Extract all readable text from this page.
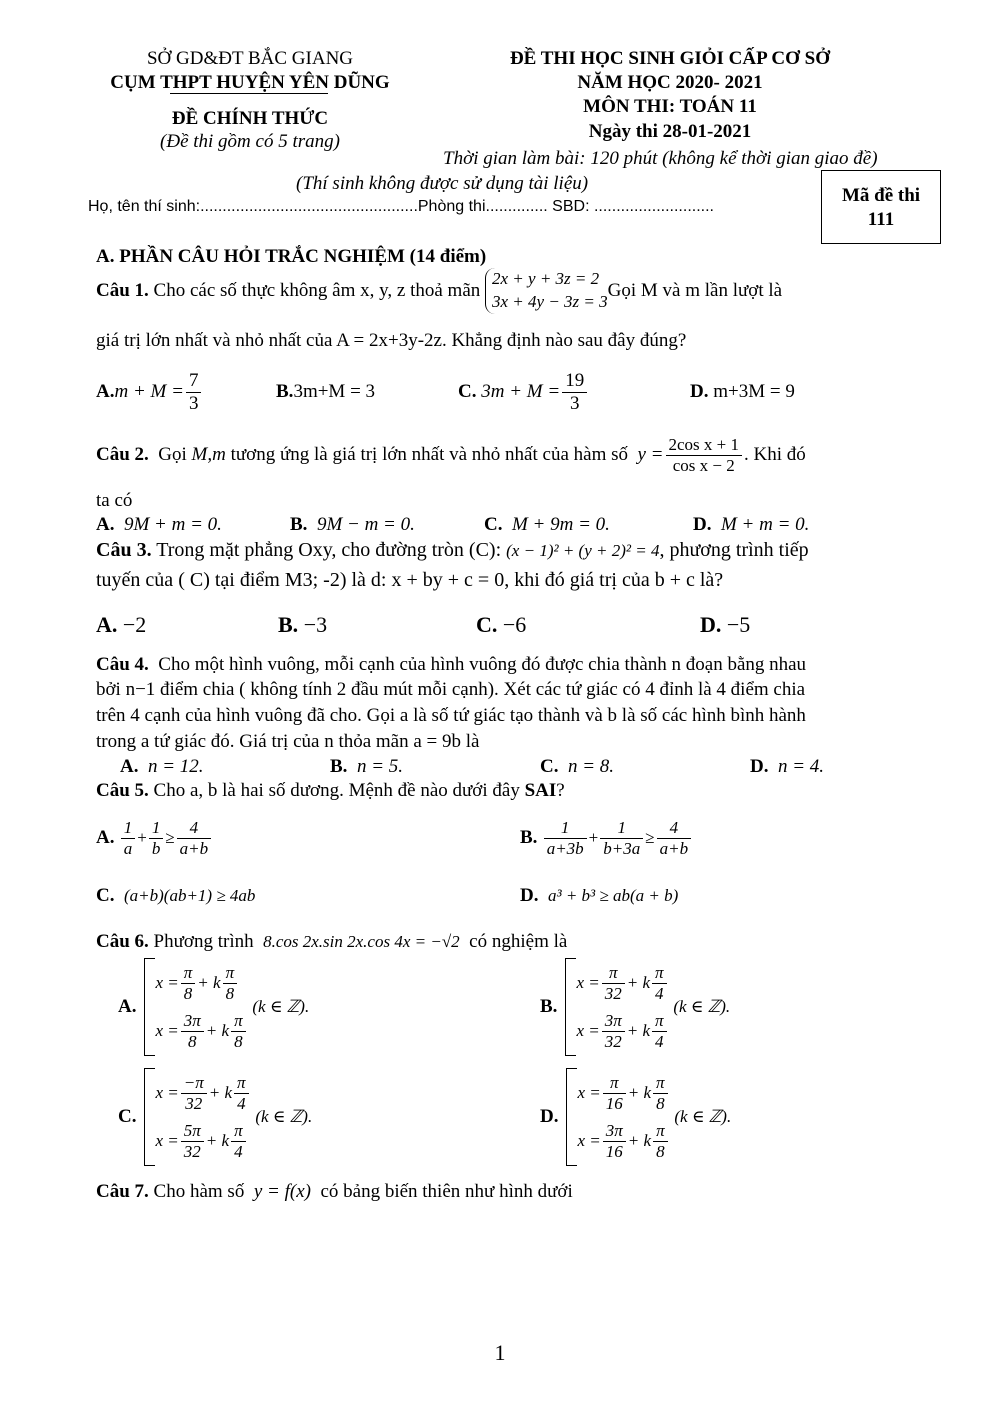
SỞ GD&ĐT BẮC GIANG
CỤM THPT HUYỆN YÊN DŨNG
ĐỀ CHÍNH THỨC
(Đề thi gồm có 5 trang)
ĐỀ THI HỌC SINH GIỎI CẤP CƠ SỞ
NĂM HỌC 2020- 2021
MÔN THI: TOÁN 11
Ngày thi 28-01-2021
Thời gian làm bài: 120 phút (không kể thời gian giao đề)
(Thí sinh không được sử dụng tài liệu)
Họ, tên thí sinh:.................................................Phòng thi.............. SBD: ...........................
Mã đề thi
111
A. PHẦN CÂU HỎI TRẮC NGHIỆM (14 điểm)
Câu 1.
Cho các số thực không âm x, y, z thoả mãn

2x + y + 3z = 2
3x + 4y − 3z = 3
Gọi M và m lần lượt là
giá trị lớn nhất và nhỏ nhất của A = 2x+3y-2z. Khẳng định nào sau đây đúng?
A. $m + M = \frac{7}{3}$	B.3m+M = 3	C.
$3m + M = \frac{19}{3}$	D. m+3M = 9
Câu 2.
Gọi
M,m
tương ứng là giá trị lớn nhất và nhỏ nhất của hàm số
$y = \frac{\text{2cos x + 1}}{\text{cos x − 2}}$ . Khi đó
ta có
A. 9M + m = 0.	B. 9M − m = 0.	C. M + 9m = 0.	D. M + m = 0.
Câu 3. Trong mặt phẳng Oxy, cho đường tròn (C): (x − 1)² + (y + 2)² = 4, phương trình tiếp
tuyến của ( C) tại điểm M3; -2) là d: x + by + c = 0, khi đó giá trị của b + c là?
A. −2	B. −3	C. −6	D. −5
Câu 4. Cho một hình vuông, mỗi cạnh của hình vuông đó được chia thành n đoạn bằng nhau
bởi n−1 điểm chia ( không tính 2 đầu mút mỗi cạnh). Xét các tứ giác có 4 đỉnh là 4 điểm chia
trên 4 cạnh của hình vuông đã cho. Gọi a là số tứ giác tạo thành và b là số các hình bình hành
trong a tứ giác đó. Giá trị của n thỏa mãn a = 9b là
A. n = 12.	B. n = 5.	C. n = 8.	D. n = 4.
Câu 5. Cho a, b là hai số dương. Mệnh đề nào dưới đây SAI?
A.
$\frac{1}{a} + \frac{1}{b} \ge \frac{4}{a+b}$	B.
$\frac{1}{a+3b} + \frac{1}{b+3a} \ge \frac{4}{a+b}$
C. (a+b)(ab+1) ≥ 4ab	D. a³ + b³ ≥ ab(a + b)
Câu 6. Phương trình 8.cos 2x.sin 2x.cos 4x = −√2 có nghiệm là
A.
$x = \frac{\pi}{8} + k \frac{\pi}{8}$
$x = \frac{3\pi}{8} + k \frac{\pi}{8}$

(k ∈ ℤ).	B.
$x = \frac{\pi}{32} + k \frac{\pi}{4}$
$x = \frac{3\pi}{32} + k \frac{\pi}{4}$

(k ∈ ℤ).
C.
$x = \frac{-\pi}{32} + k \frac{\pi}{4}$
$x = \frac{5\pi}{32} + k \frac{\pi}{4}$

(k ∈ ℤ).	D.
$x = \frac{\pi}{16} + k \frac{\pi}{8}$
$x = \frac{3\pi}{16} + k \frac{\pi}{8}$

(k ∈ ℤ).
Câu 7. Cho hàm số y = f(x) có bảng biến thiên như hình dưới
1
